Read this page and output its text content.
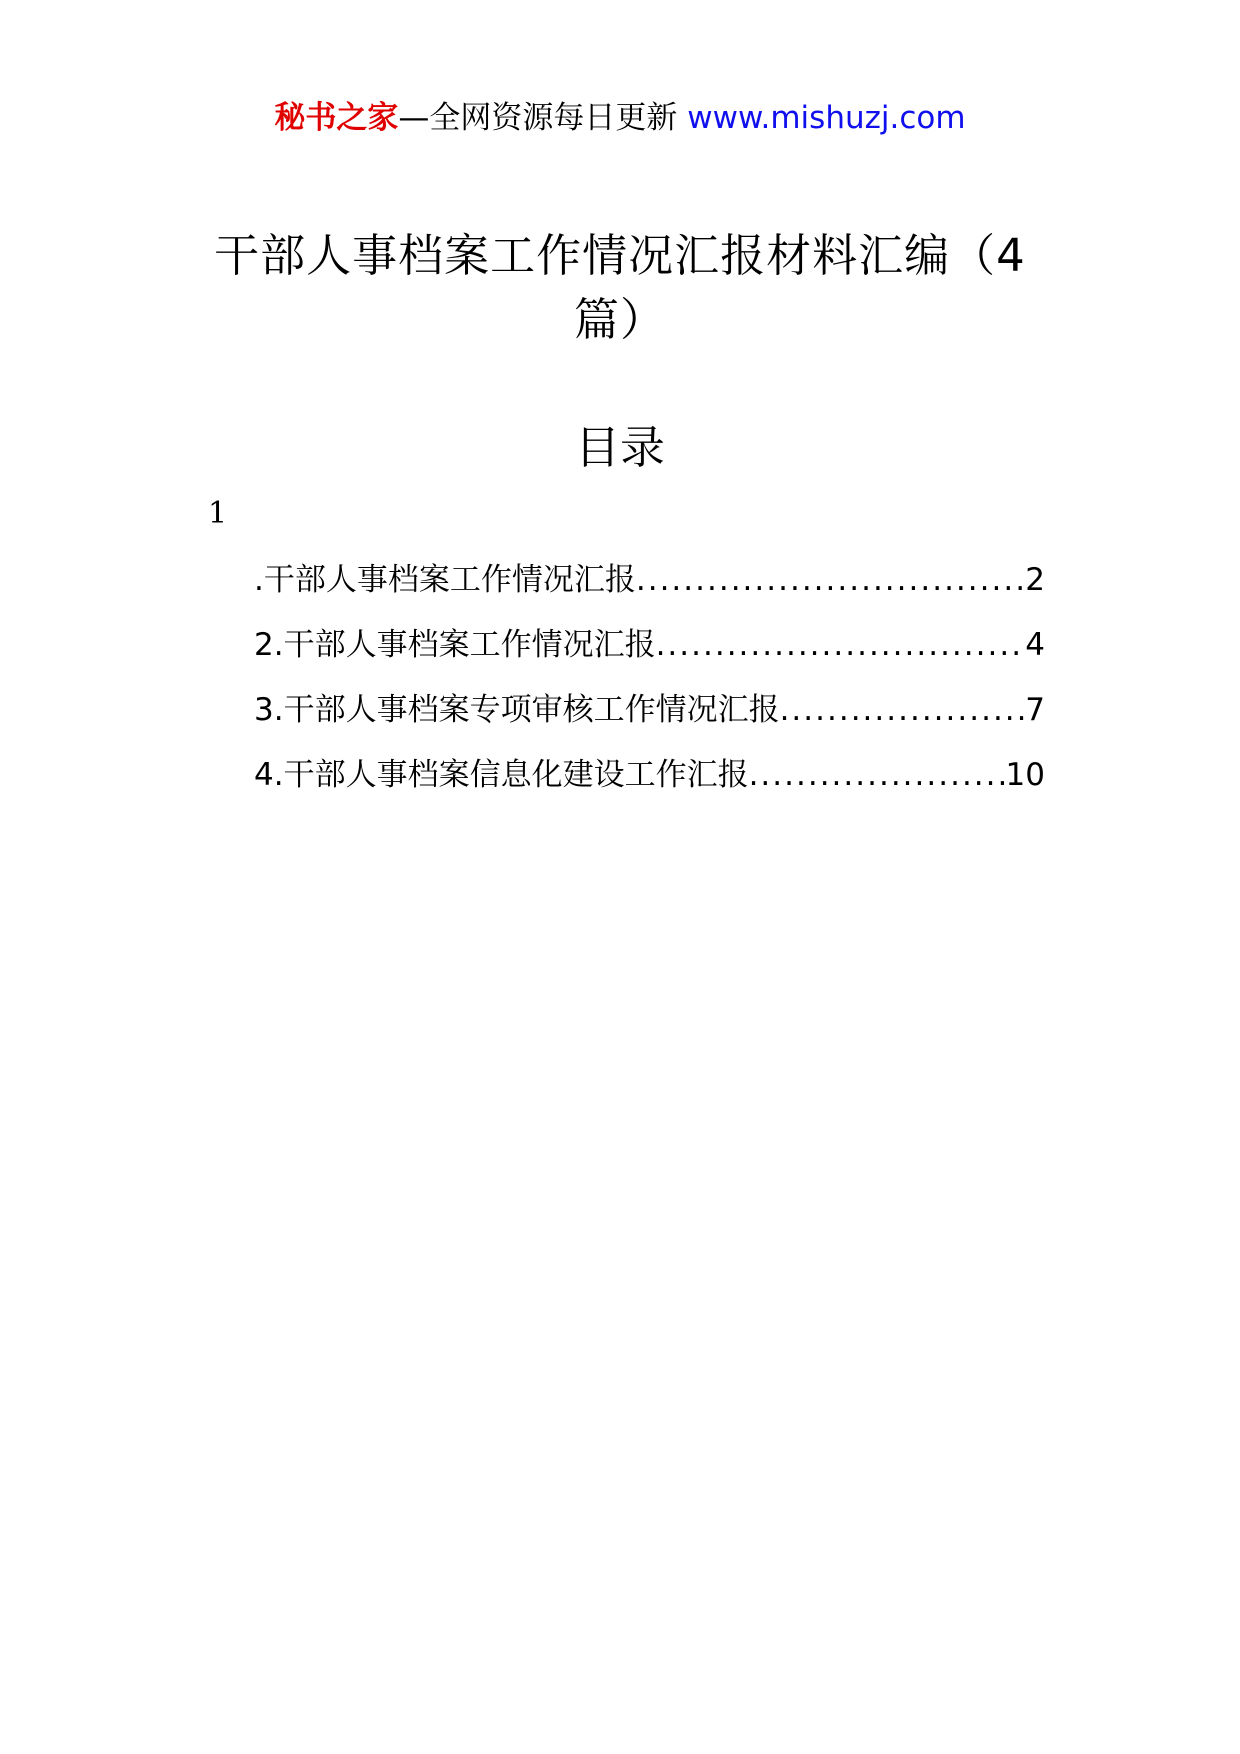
秘书之家—全网资源每日更新 www.mishuzj.com
干部人事档案工作情况汇报材料汇编（4篇）
目录
1
.干部人事档案工作情况汇报 .....	2
2.干部人事档案工作情况汇报 .....	4
3.干部人事档案专项审核工作情况汇报 .....	7
4.干部人事档案信息化建设工作汇报 .....	10
